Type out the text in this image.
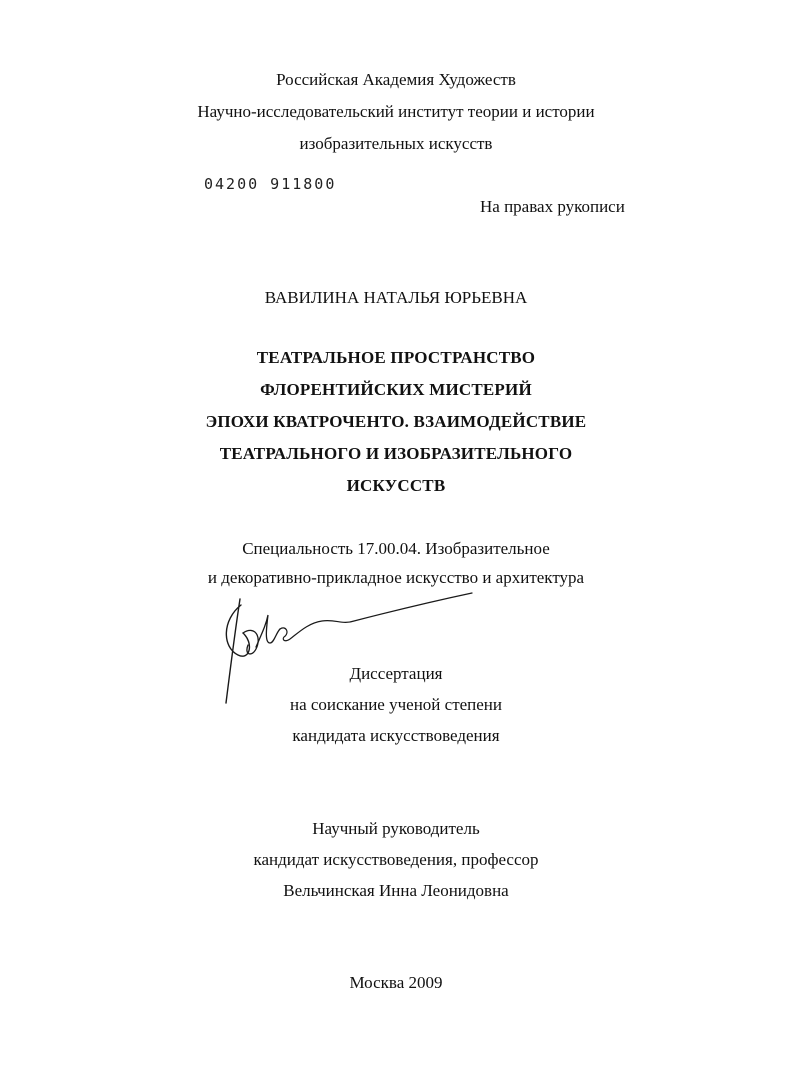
Российская Академия Художеств
Научно-исследовательский институт теории и истории
изобразительных искусств
04200 911800
На правах рукописи
ВАВИЛИНА НАТАЛЬЯ ЮРЬЕВНА
ТЕАТРАЛЬНОЕ ПРОСТРАНСТВО
ФЛОРЕНТИЙСКИХ МИСТЕРИЙ
ЭПОХИ КВАТРОЧЕНТО. ВЗАИМОДЕЙСТВИЕ
ТЕАТРАЛЬНОГО И ИЗОБРАЗИТЕЛЬНОГО
ИСКУССТВ
Специальность 17.00.04. Изобразительное
и декоративно-прикладное искусство и архитектура
Диссертация
на соискание ученой степени
кандидата искусствоведения
Научный руководитель
кандидат искусствоведения, профессор
Вельчинская Инна Леонидовна
Москва 2009
